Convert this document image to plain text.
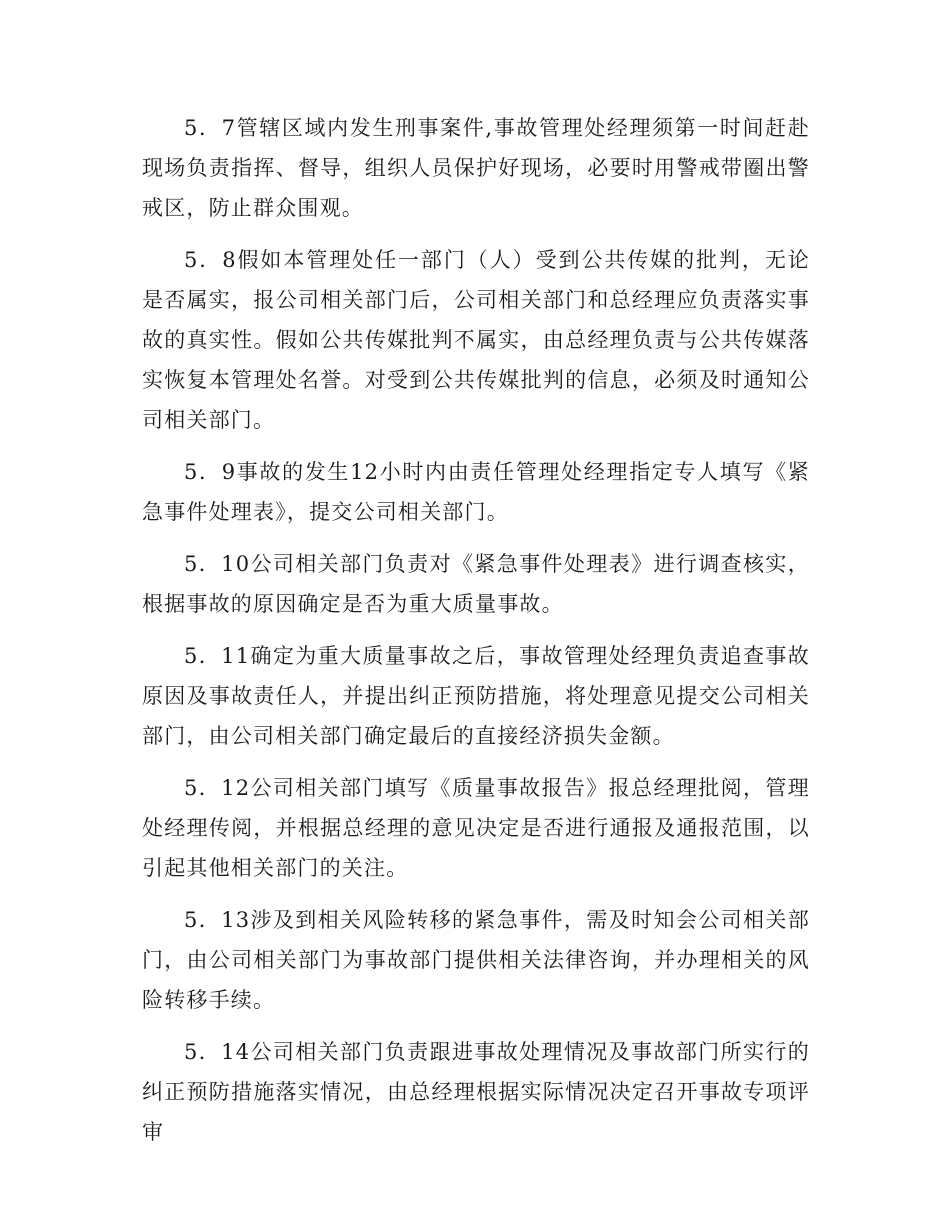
5．7管辖区域内发生刑事案件,事故管理处经理须第一时间赶赴现场负责指挥、督导，组织人员保护好现场，必要时用警戒带圈出警戒区，防止群众围观。

5．8假如本管理处任一部门（人）受到公共传媒的批判，无论是否属实，报公司相关部门后，公司相关部门和总经理应负责落实事故的真实性。假如公共传媒批判不属实，由总经理负责与公共传媒落实恢复本管理处名誉。对受到公共传媒批判的信息，必须及时通知公司相关部门。

5．9事故的发生12小时内由责任管理处经理指定专人填写《紧急事件处理表》，提交公司相关部门。

5．10公司相关部门负责对《紧急事件处理表》进行调查核实，根据事故的原因确定是否为重大质量事故。

5．11确定为重大质量事故之后，事故管理处经理负责追查事故原因及事故责任人，并提出纠正预防措施，将处理意见提交公司相关部门，由公司相关部门确定最后的直接经济损失金额。

5．12公司相关部门填写《质量事故报告》报总经理批阅，管理处经理传阅，并根据总经理的意见决定是否进行通报及通报范围，以引起其他相关部门的关注。

5．13涉及到相关风险转移的紧急事件，需及时知会公司相关部门，由公司相关部门为事故部门提供相关法律咨询，并办理相关的风险转移手续。

5．14公司相关部门负责跟进事故处理情况及事故部门所实行的纠正预防措施落实情况，由总经理根据实际情况决定召开事故专项评审
